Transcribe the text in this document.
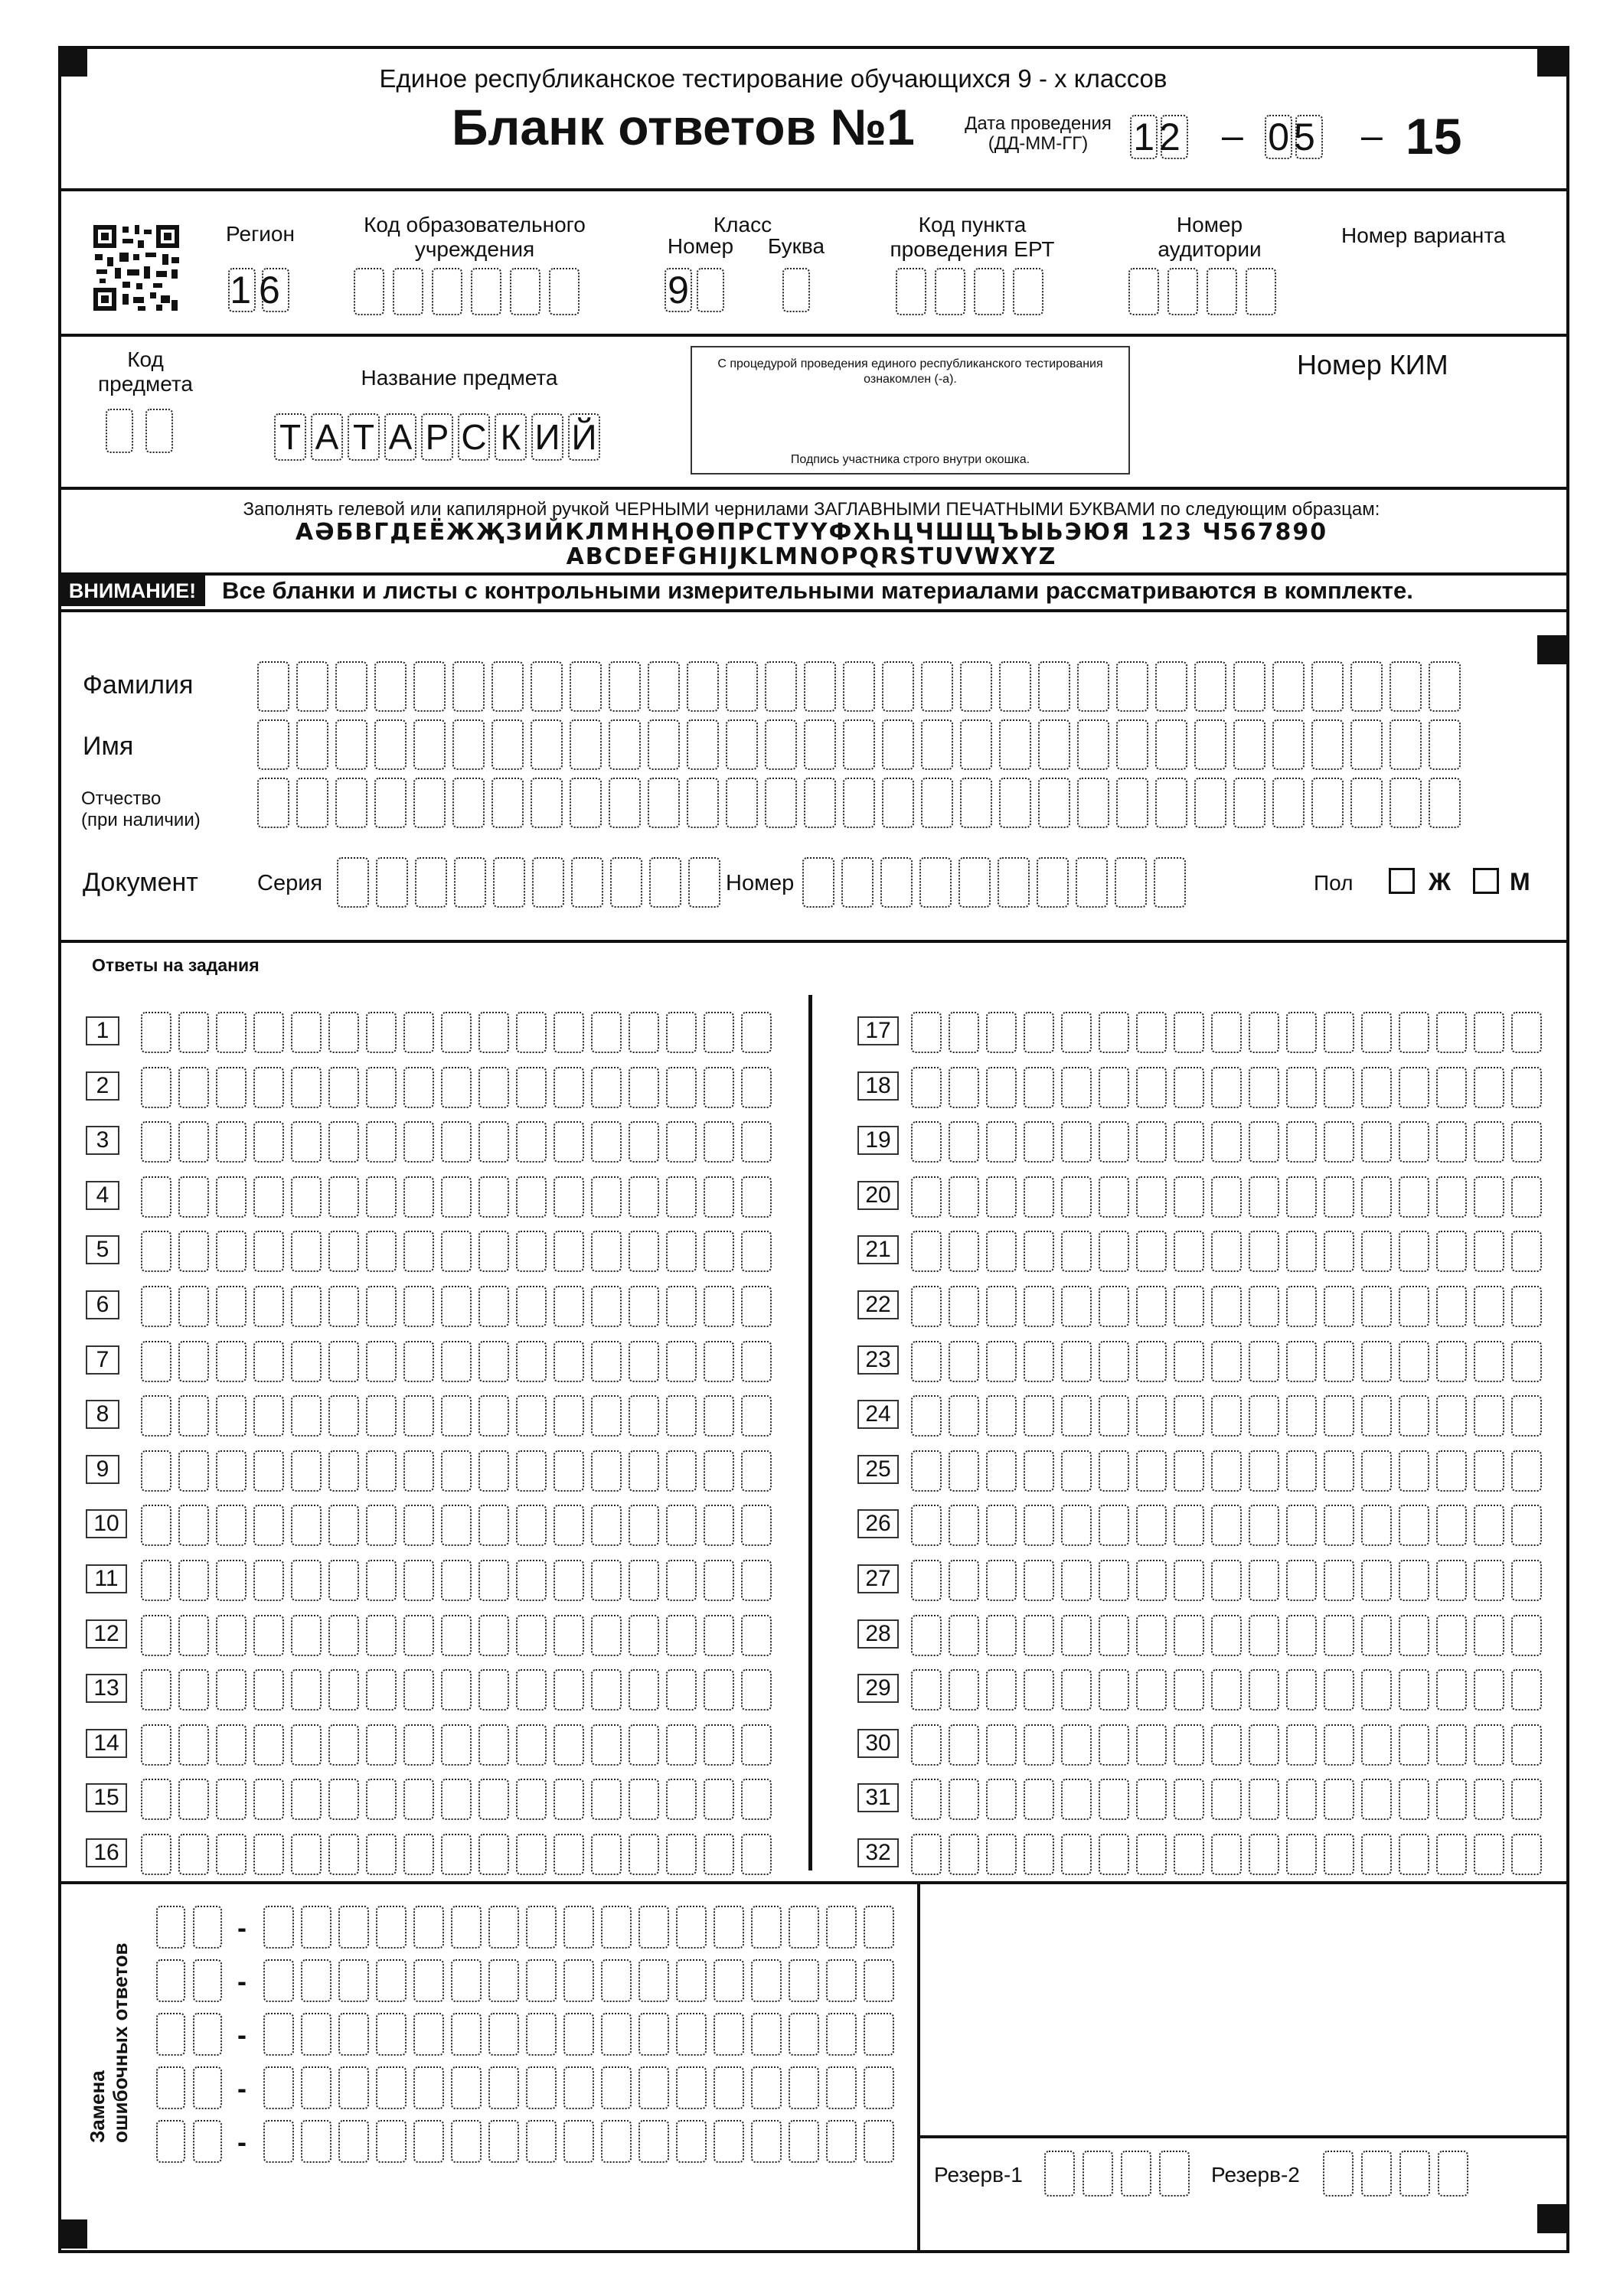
Единое республиканское тестирование обучающихся 9 - х классов
Бланк ответов №1	Дата проведения
(ДД-ММ-ГГ)	12 – 05 – 15
Регион
16
Код образовательного учреждения
Класс
Номер	Буква
9
Код пункта проведения ЕРТ
Номер аудитории
Номер варианта
Код предмета	Название предмета
С процедурой проведения единого республиканского тестирования ознакомлен (-а).
Подпись участника строго внутри окошка.
Номер КИМ
Заполнять гелевой или капилярной ручкой ЧЕРНЫМИ чернилами ЗАГЛАВНЫМИ ПЕЧАТНЫМИ БУКВАМИ по следующим образцам:
АӘБВГДЕЁЖҖЗИЙКЛМНҢОӨПРСТУҮФХҺЦЧШЩЪЫЬЭЮЯ 123 Ч567890
ABCDEFGHIJKLMNOPQRSTUVWXYZ
ВНИМАНИЕ!	Все бланки и листы с контрольными измерительными материалами рассматриваются в комплекте.
Фамилия
Имя
Отчество
(при наличии)
Документ	Серия	Номер	Пол	Ж М
Ответы на задания
Замена ошибочных ответов
Резерв-1	Резерв-2
Т А Т А Р С К И Й
1
2
3
4
5
6
7
8
9
10
11
12
13
14
15
16
17
18
19
20
21
22
23
24
25
26
27
28
29
30
31
32
-
-
-
-
-
